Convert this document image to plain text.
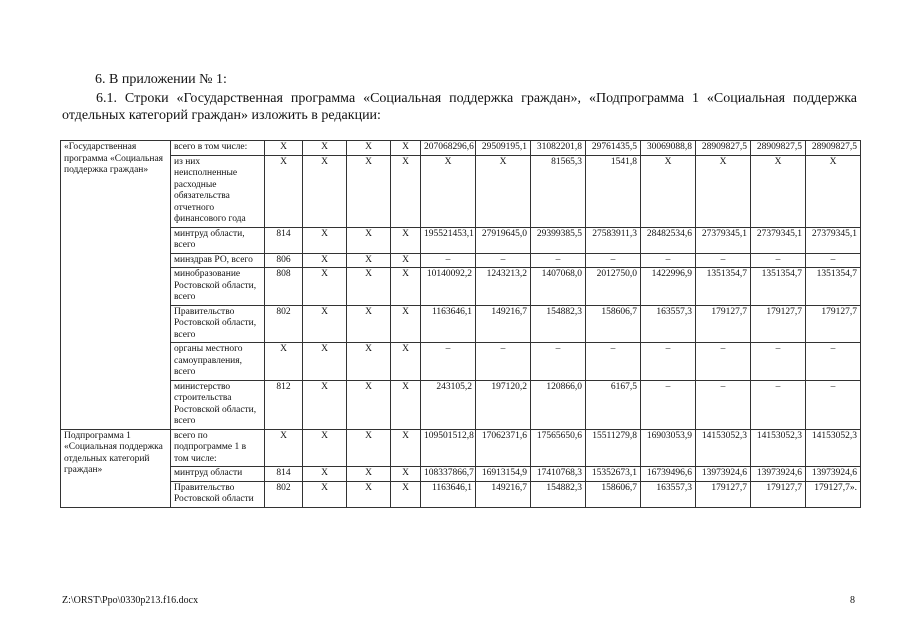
6. В приложении № 1:
6.1. Строки «Государственная программа «Социальная поддержка граждан», «Подпрограмма 1 «Социальная поддержка отдельных категорий граждан» изложить в редакции:
«Государственная программа «Социальная поддержка граждан»	всего в том числе:	X	X	X	X	207068296,6	29509195,1	31082201,8	29761435,5	30069088,8	28909827,5	28909827,5	28909827,5
	из них неисполненные расходные обязательства отчетного финансового года	X	X	X	X	X	X	81565,3	1541,8	X	X	X	X
	минтруд области, всего	814	X	X	X	195521453,1	27919645,0	29399385,5	27583911,3	28482534,6	27379345,1	27379345,1	27379345,1
	минздрав РО, всего	806	X	X	X	–	–	–	–	–	–	–	–
	минобразование Ростовской области, всего	808	X	X	X	10140092,2	1243213,2	1407068,0	2012750,0	1422996,9	1351354,7	1351354,7	1351354,7
	Правительство Ростовской области, всего	802	X	X	X	1163646,1	149216,7	154882,3	158606,7	163557,3	179127,7	179127,7	179127,7
	органы местного самоуправления, всего	X	X	X	X	–	–	–	–	–	–	–	–
	министерство строительства Ростовской области, всего	812	X	X	X	243105,2	197120,2	120866,0	6167,5	–	–	–	–
Подпрограмма 1 «Социальная поддержка отдельных категорий граждан»	всего по подпрограмме 1 в том числе:	X	X	X	X	109501512,8	17062371,6	17565650,6	15511279,8	16903053,9	14153052,3	14153052,3	14153052,3
	минтруд области	814	X	X	X	108337866,7	16913154,9	17410768,3	15352673,1	16739496,6	13973924,6	13973924,6	13973924,6
	Правительство Ростовской области	802	X	X	X	1163646,1	149216,7	154882,3	158606,7	163557,3	179127,7	179127,7	179127,7».
Z:\ORST\Ppo\0330p213.f16.docx	8
